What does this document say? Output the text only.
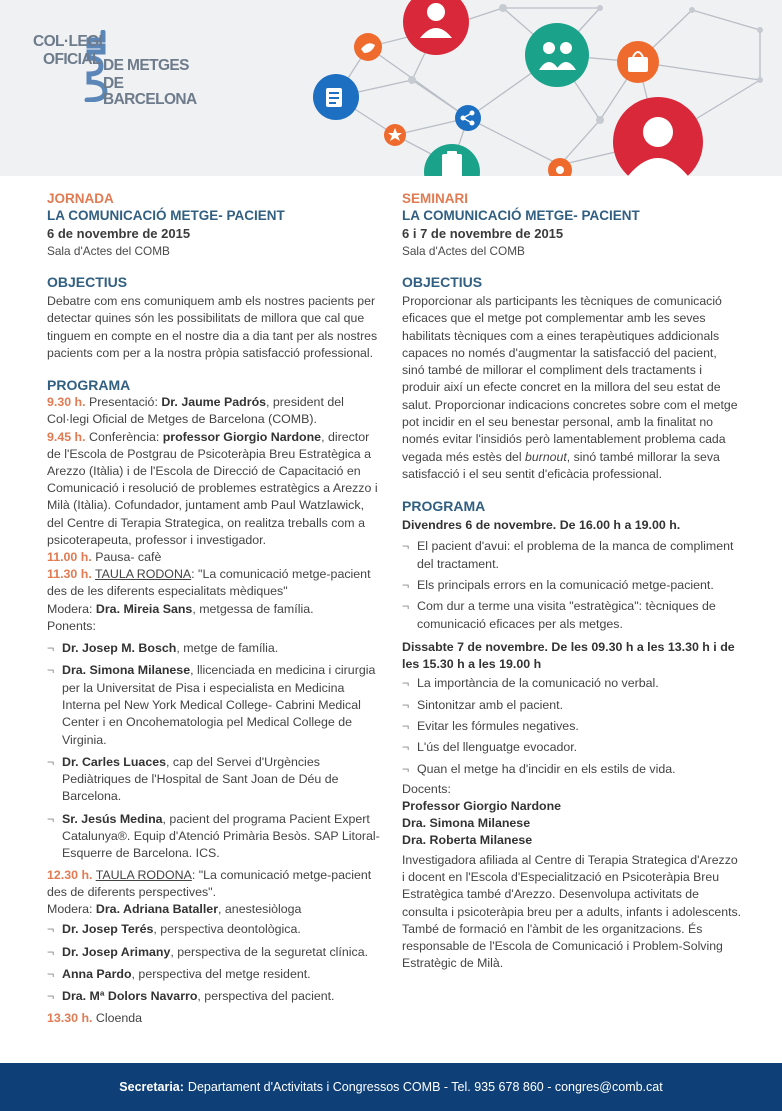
COL·LEGI
OFICIAL DE METGES
DE BARCELONA
JORNADA
LA COMUNICACIÓ METGE- PACIENT
6 de novembre de 2015
Sala d'Actes del COMB
OBJECTIUS
Debatre com ens comuniquem amb els nostres pacients per detectar quines són les possibilitats de millora que cal que tinguem en compte en el nostre dia a dia tant per als nostres pacients com per a la nostra pròpia satisfacció professional.
PROGRAMA
9.30 h. Presentació: Dr. Jaume Padrós, president del Col·legi Oficial de Metges de Barcelona (COMB).
9.45 h. Conferència: professor Giorgio Nardone, director de l'Escola de Postgrau de Psicoteràpia Breu Estratègica a Arezzo (Itàlia) i de l'Escola de Direcció de Capacitació en Comunicació i resolució de problemes estratègics a Arezzo i Milà (Itàlia). Cofundador, juntament amb Paul Watzlawick, del Centre di Terapia Strategica, on realitza treballs com a psicoterapeuta, professor i investigador.
11.00 h. Pausa- cafè
11.30 h. TAULA RODONA: "La comunicació metge-pacient des de les diferents especialitats mèdiques"
Modera: Dra. Mireia Sans, metgessa de família.
Ponents:
¬ Dr. Josep M. Bosch, metge de família.
¬ Dra. Simona Milanese, llicenciada en medicina i cirurgia per la Universitat de Pisa i especialista en Medicina Interna pel New York Medical College- Cabrini Medical Center i en Oncohematologia pel Medical College de Virginia.
¬ Dr. Carles Luaces, cap del Servei d'Urgències Pediàtriques de l'Hospital de Sant Joan de Déu de Barcelona.
¬ Sr. Jesús Medina, pacient del programa Pacient Expert Catalunya®. Equip d'Atenció Primària Besòs. SAP Litoral-Esquerre de Barcelona. ICS.
12.30 h. TAULA RODONA: "La comunicació metge-pacient des de diferents perspectives".
Modera: Dra. Adriana Bataller, anestesiòloga
¬ Dr. Josep Terés, perspectiva deontològica.
¬ Dr. Josep Arimany, perspectiva de la seguretat clínica.
¬ Anna Pardo, perspectiva del metge resident.
¬ Dra. Mª Dolors Navarro, perspectiva del pacient.
13.30 h. Cloenda
SEMINARI
LA COMUNICACIÓ METGE- PACIENT
6 i 7 de novembre de 2015
Sala d'Actes del COMB
OBJECTIUS
Proporcionar als participants les tècniques de comunicació eficaces que el metge pot complementar amb les seves habilitats tècniques com a eines terapèutiques addicionals capaces no només d'augmentar la satisfacció del pacient, sinó també de millorar el compliment dels tractaments i produir així un efecte concret en la millora del seu estat de salut. Proporcionar indicacions concretes sobre com el metge pot incidir en el seu benestar personal, amb la finalitat no només evitar l'insidiós però lamentablement problema cada vegada més estès del burnout, sinó també millorar la seva satisfacció i el seu sentit d'eficàcia professional.
PROGRAMA
Divendres 6 de novembre. De 16.00 h a 19.00 h.
¬ El pacient d'avui: el problema de la manca de compliment del tractament.
¬ Els principals errors en la comunicació metge-pacient.
¬ Com dur a terme una visita "estratègica": tècniques de comunicació eficaces per als metges.
Dissabte 7 de novembre. De les 09.30 h a les 13.30 h i de les 15.30 h a les 19.00 h
¬ La importància de la comunicació no verbal.
¬ Sintonitzar amb el pacient.
¬ Evitar les fórmules negatives.
¬ L'ús del llenguatge evocador.
¬ Quan el metge ha d'incidir en els estils de vida.
Docents:
Professor Giorgio Nardone
Dra. Simona Milanese
Dra. Roberta Milanese
Investigadora afiliada al Centre di Terapia Strategica d'Arezzo i docent en l'Escola d'Especialització en Psicoteràpia Breu Estratègica també d'Arezzo. Desenvolupa activitats de consulta i psicoteràpia breu per a adults, infants i adolescents. També de formació en l'àmbit de les organitzacions. És responsable de l'Escola de Comunicació i Problem-Solving Estratègic de Milà.
Secretaria: Departament d'Activitats i Congressos COMB - Tel. 935 678 860 - congres@comb.cat
